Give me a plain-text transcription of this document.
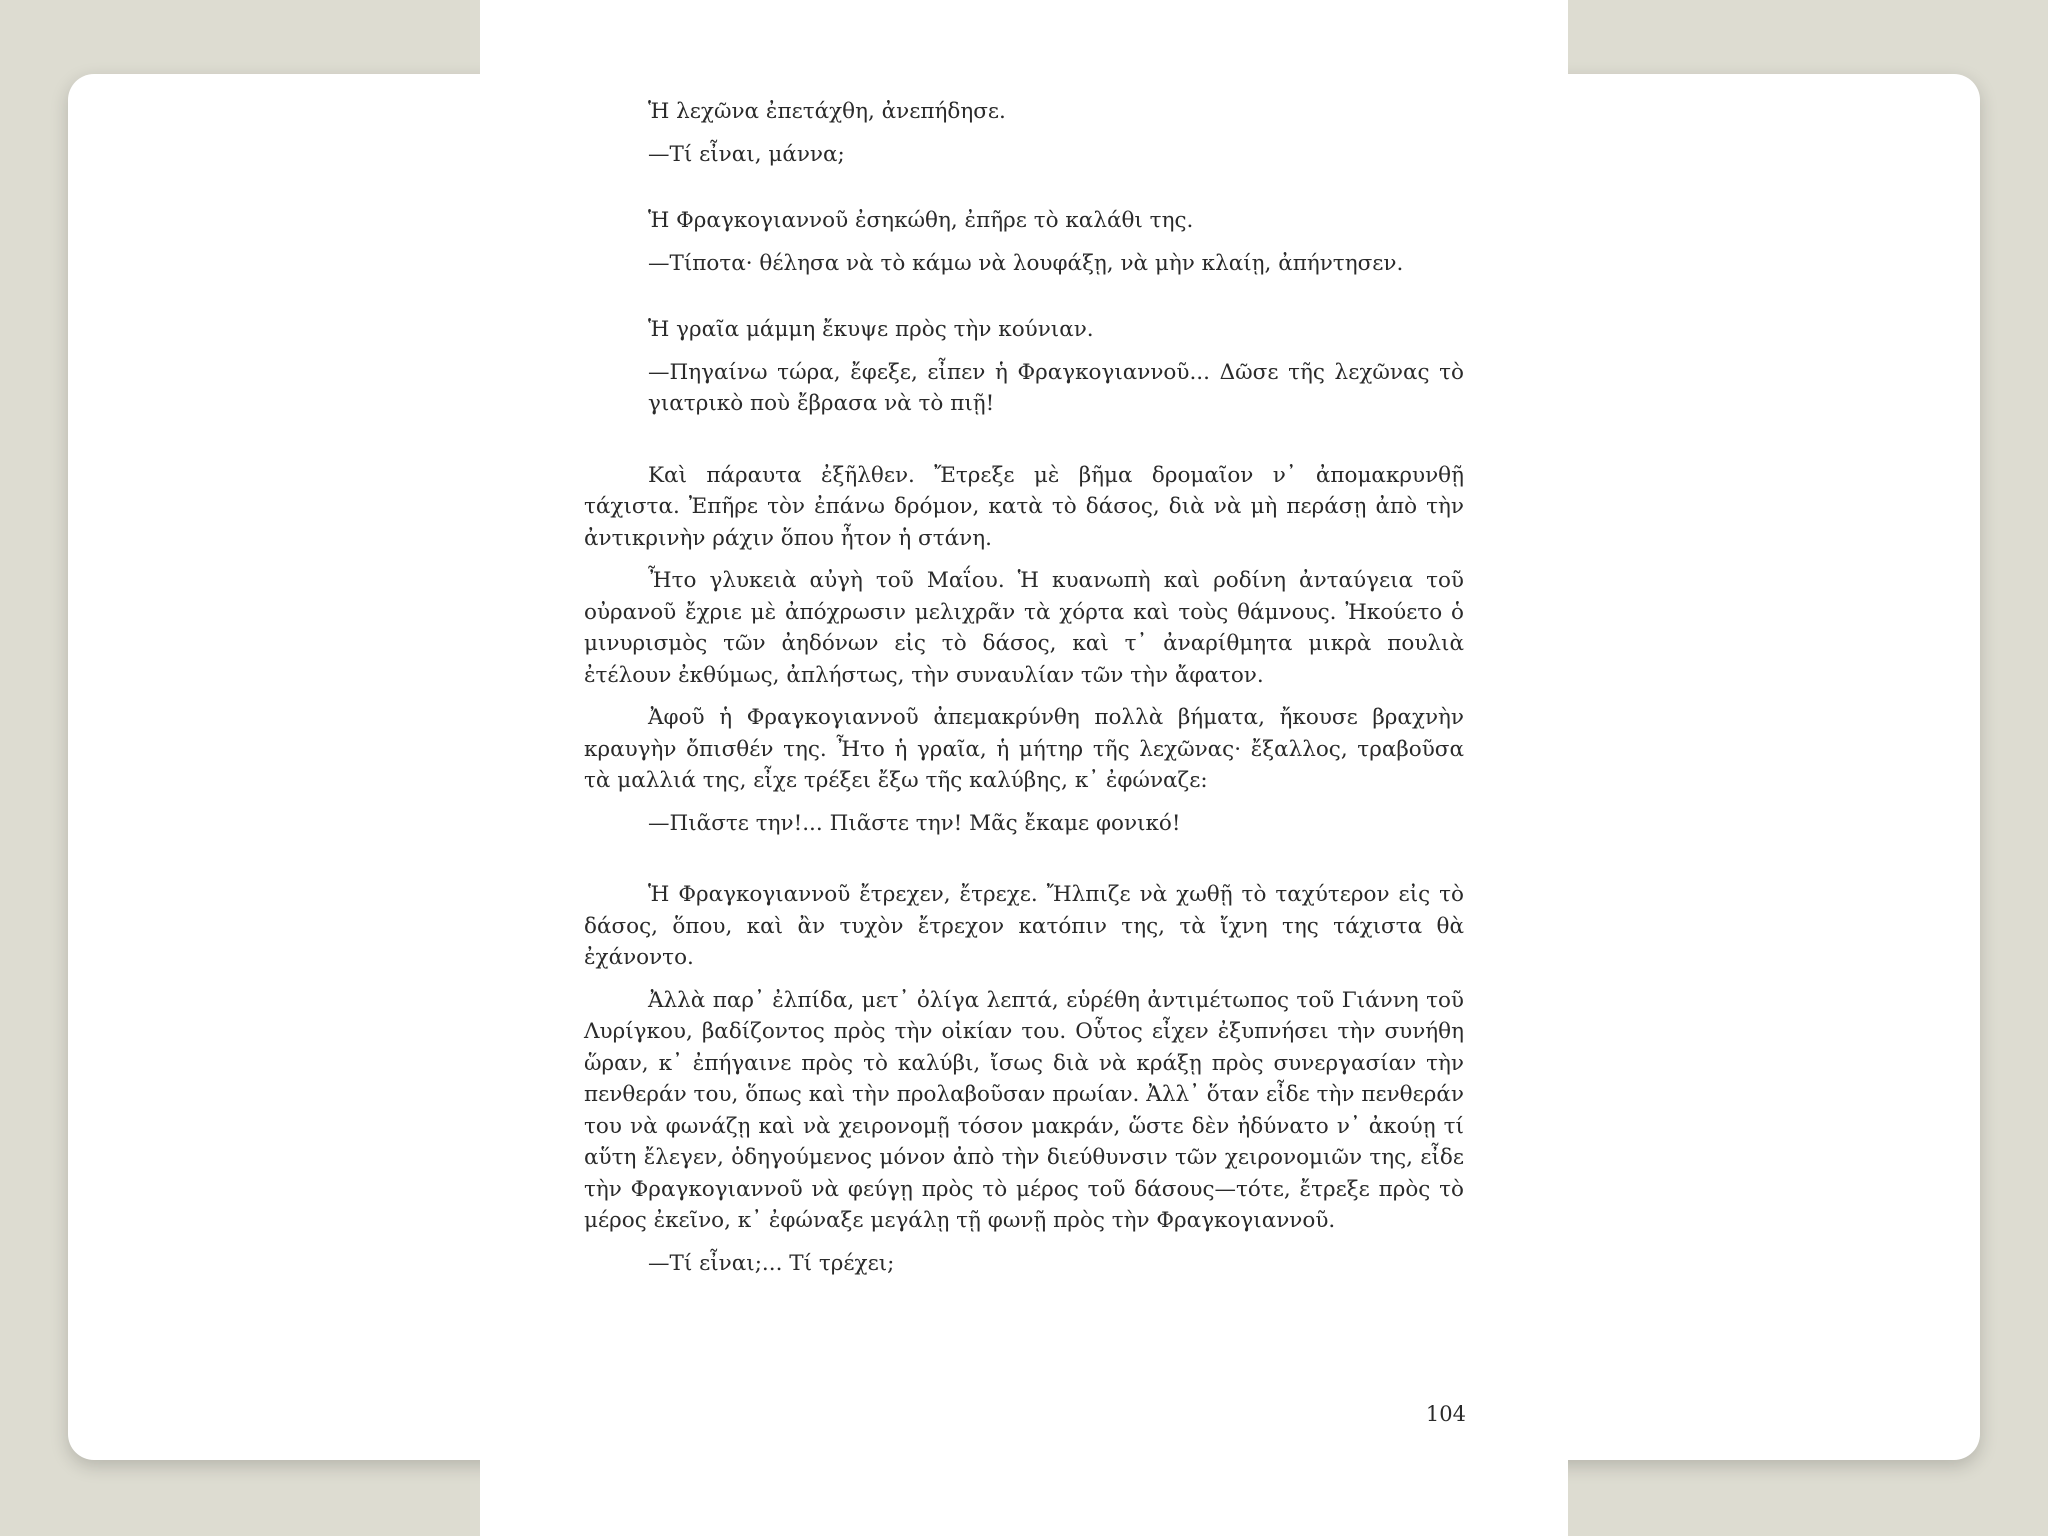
Ἡ λεχῶνα ἐπετάχθη, ἀνεπήδησε.

—Τί εἶναι, μάννα;

Ἡ Φραγκογιαννοῦ ἐσηκώθη, ἐπῆρε τὸ καλάθι της.

—Τίποτα· θέλησα νὰ τὸ κάμω νὰ λουφάξῃ, νὰ μὴν κλαίῃ, ἀπήντησεν.

Ἡ γραῖα μάμμη ἔκυψε πρὸς τὴν κούνιαν.

—Πηγαίνω τώρα, ἔφεξε, εἶπεν ἡ Φραγκογιαννοῦ... Δῶσε τῆς λεχῶνας τὸ γιατρικὸ ποὺ ἔβρασα νὰ τὸ πιῇ!

Καὶ πάραυτα ἐξῆλθεν. Ἔτρεξε μὲ βῆμα δρομαῖον ν᾽ ἀπομακρυνθῇ τάχιστα. Ἐπῆρε τὸν ἐπάνω δρόμον, κατὰ τὸ δάσος, διὰ νὰ μὴ περάσῃ ἀπὸ τὴν ἀντικρινὴν ράχιν ὅπου ἦτον ἡ στάνη.

Ἦτο γλυκειὰ αὐγὴ τοῦ Μαΐου. Ἡ κυανωπὴ καὶ ροδίνη ἀνταύγεια τοῦ οὐρανοῦ ἔχριε μὲ ἀπόχρωσιν μελιχρᾶν τὰ χόρτα καὶ τοὺς θάμνους. Ἠκούετο ὁ μινυρισμὸς τῶν ἀηδόνων εἰς τὸ δάσος, καὶ τ᾽ ἀναρίθμητα μικρὰ πουλιὰ ἐτέλουν ἐκθύμως, ἀπλήστως, τὴν συναυλίαν τῶν τὴν ἄφατον.

Ἀφοῦ ἡ Φραγκογιαννοῦ ἀπεμακρύνθη πολλὰ βήματα, ἤκουσε βραχνὴν κραυγὴν ὄπισθέν της. Ἦτο ἡ γραῖα, ἡ μήτηρ τῆς λεχῶνας· ἔξαλλος, τραβοῦσα τὰ μαλλιά της, εἶχε τρέξει ἔξω τῆς καλύβης, κ᾽ ἐφώναζε:

—Πιᾶστε την!... Πιᾶστε την! Μᾶς ἔκαμε φονικό!

Ἡ Φραγκογιαννοῦ ἔτρεχεν, ἔτρεχε. Ἤλπιζε νὰ χωθῇ τὸ ταχύτερον εἰς τὸ δάσος, ὅπου, καὶ ἂν τυχὸν ἔτρεχον κατόπιν της, τὰ ἴχνη της τάχιστα θὰ ἐχάνοντο.

Ἀλλὰ παρ᾽ ἐλπίδα, μετ᾽ ὀλίγα λεπτά, εὑρέθη ἀντιμέτωπος τοῦ Γιάννη τοῦ Λυρίγκου, βαδίζοντος πρὸς τὴν οἰκίαν του. Οὗτος εἶχεν ἐξυπνήσει τὴν συνήθη ὥραν, κ᾽ ἐπήγαινε πρὸς τὸ καλύβι, ἴσως διὰ νὰ κράξῃ πρὸς συνεργασίαν τὴν πενθεράν του, ὅπως καὶ τὴν προλαβοῦσαν πρωίαν. Ἀλλ᾽ ὅταν εἶδε τὴν πενθεράν του νὰ φωνάζῃ καὶ νὰ χειρονομῇ τόσον μακράν, ὥστε δὲν ἠδύνατο ν᾽ ἀκούῃ τί αὕτη ἔλεγεν, ὁδηγούμενος μόνον ἀπὸ τὴν διεύθυνσιν τῶν χειρονομιῶν της, εἶδε τὴν Φραγκογιαννοῦ νὰ φεύγῃ πρὸς τὸ μέρος τοῦ δάσους—τότε, ἔτρεξε πρὸς τὸ μέρος ἐκεῖνο, κ᾽ ἐφώναξε μεγάλῃ τῇ φωνῇ πρὸς τὴν Φραγκογιαννοῦ.

—Τί εἶναι;... Τί τρέχει;

104
